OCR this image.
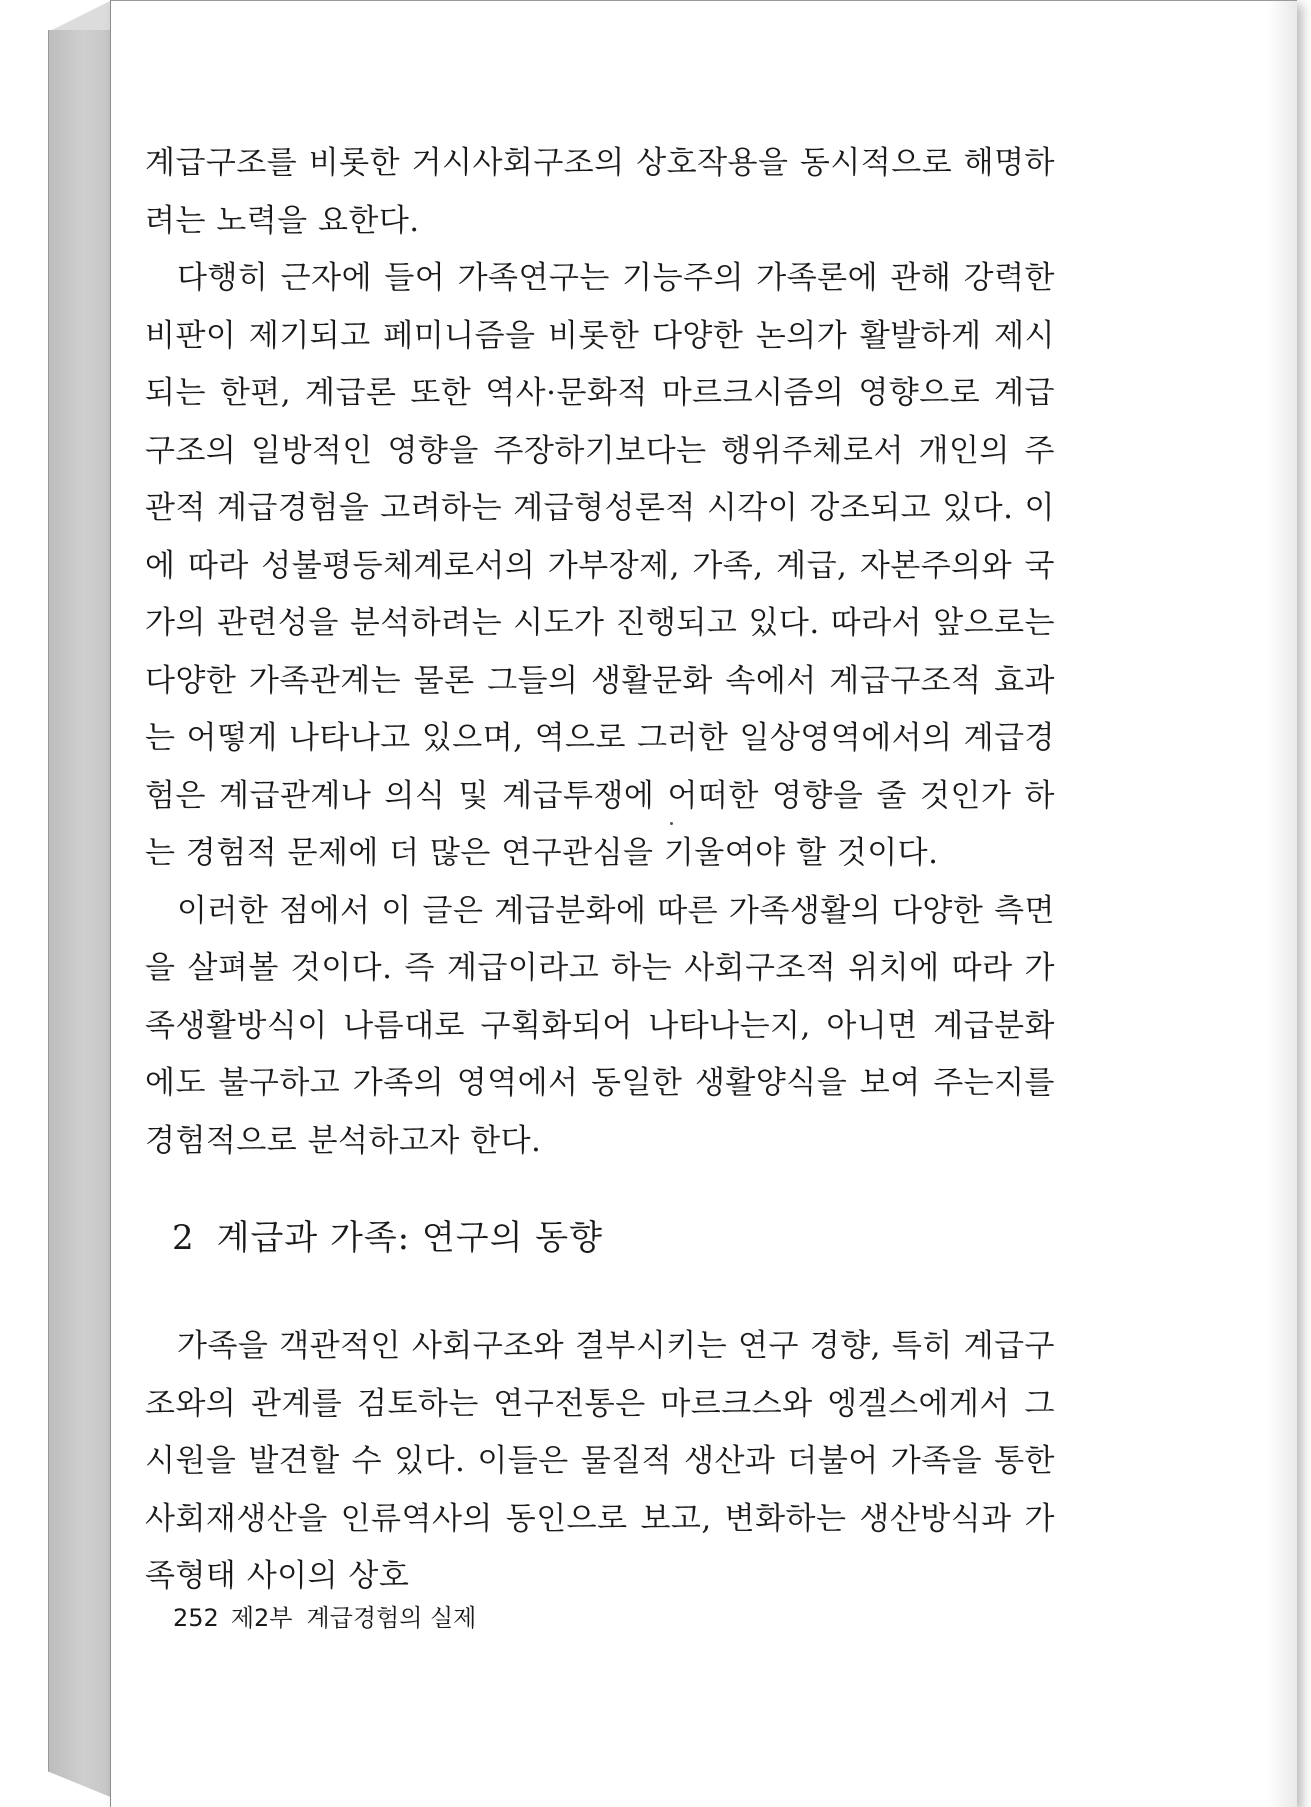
계급구조를 비롯한 거시사회구조의 상호작용을 동시적으로 해명하려는 노력을 요한다.

다행히 근자에 들어 가족연구는 기능주의 가족론에 관해 강력한 비판이 제기되고 페미니즘을 비롯한 다양한 논의가 활발하게 제시되는 한편, 계급론 또한 역사·문화적 마르크시즘의 영향으로 계급구조의 일방적인 영향을 주장하기보다는 행위주체로서 개인의 주관적 계급경험을 고려하는 계급형성론적 시각이 강조되고 있다. 이에 따라 성불평등체계로서의 가부장제, 가족, 계급, 자본주의와 국가의 관련성을 분석하려는 시도가 진행되고 있다. 따라서 앞으로는 다양한 가족관계는 물론 그들의 생활문화 속에서 계급구조적 효과는 어떻게 나타나고 있으며, 역으로 그러한 일상영역에서의 계급경험은 계급관계나 의식 및 계급투쟁에 어떠한 영향을 줄 것인가 하는 경험적 문제에 더 많은 연구관심을 기울여야 할 것이다.

이러한 점에서 이 글은 계급분화에 따른 가족생활의 다양한 측면을 살펴볼 것이다. 즉 계급이라고 하는 사회구조적 위치에 따라 가족생활방식이 나름대로 구획화되어 나타나는지, 아니면 계급분화에도 불구하고 가족의 영역에서 동일한 생활양식을 보여 주는지를 경험적으로 분석하고자 한다.

2 계급과 가족: 연구의 동향

가족을 객관적인 사회구조와 결부시키는 연구 경향, 특히 계급구조와의 관계를 검토하는 연구전통은 마르크스와 엥겔스에게서 그 시원을 발견할 수 있다. 이들은 물질적 생산과 더불어 가족을 통한 사회재생산을 인류역사의 동인으로 보고, 변화하는 생산방식과 가족형태 사이의 상호

252 제2부 계급경험의 실제
